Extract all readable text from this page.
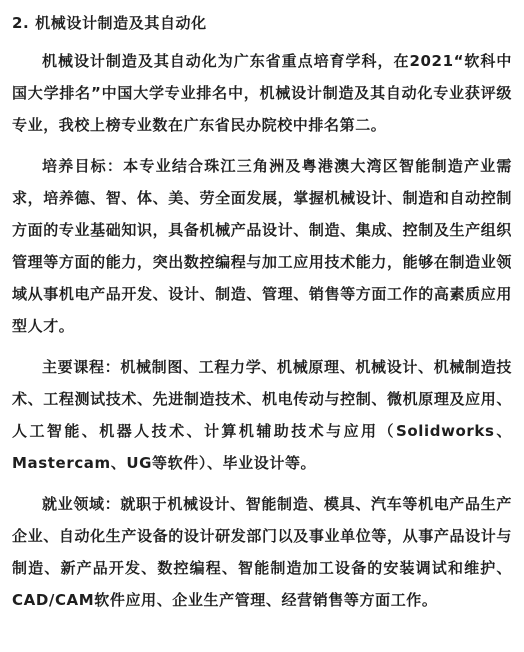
2. 机械设计制造及其自动化

机械设计制造及其自动化为广东省重点培育学科，在2021“软科中国大学排名”中国大学专业排名中，机械设计制造及其自动化专业获评级专业，我校上榜专业数在广东省民办院校中排名第二。

培养目标：本专业结合珠江三角洲及粤港澳大湾区智能制造产业需求，培养德、智、体、美、劳全面发展，掌握机械设计、制造和自动控制方面的专业基础知识，具备机械产品设计、制造、集成、控制及生产组织管理等方面的能力，突出数控编程与加工应用技术能力，能够在制造业领域从事机电产品开发、设计、制造、管理、销售等方面工作的高素质应用型人才。

主要课程：机械制图、工程力学、机械原理、机械设计、机械制造技术、工程测试技术、先进制造技术、机电传动与控制、微机原理及应用、人工智能、机器人技术、计算机辅助技术与应用（Solidworks、Mastercam、UG等软件）、毕业设计等。

就业领域：就职于机械设计、智能制造、模具、汽车等机电产品生产企业、自动化生产设备的设计研发部门以及事业单位等，从事产品设计与制造、新产品开发、数控编程、智能制造加工设备的安装调试和维护、CAD/CAM软件应用、企业生产管理、经营销售等方面工作。
